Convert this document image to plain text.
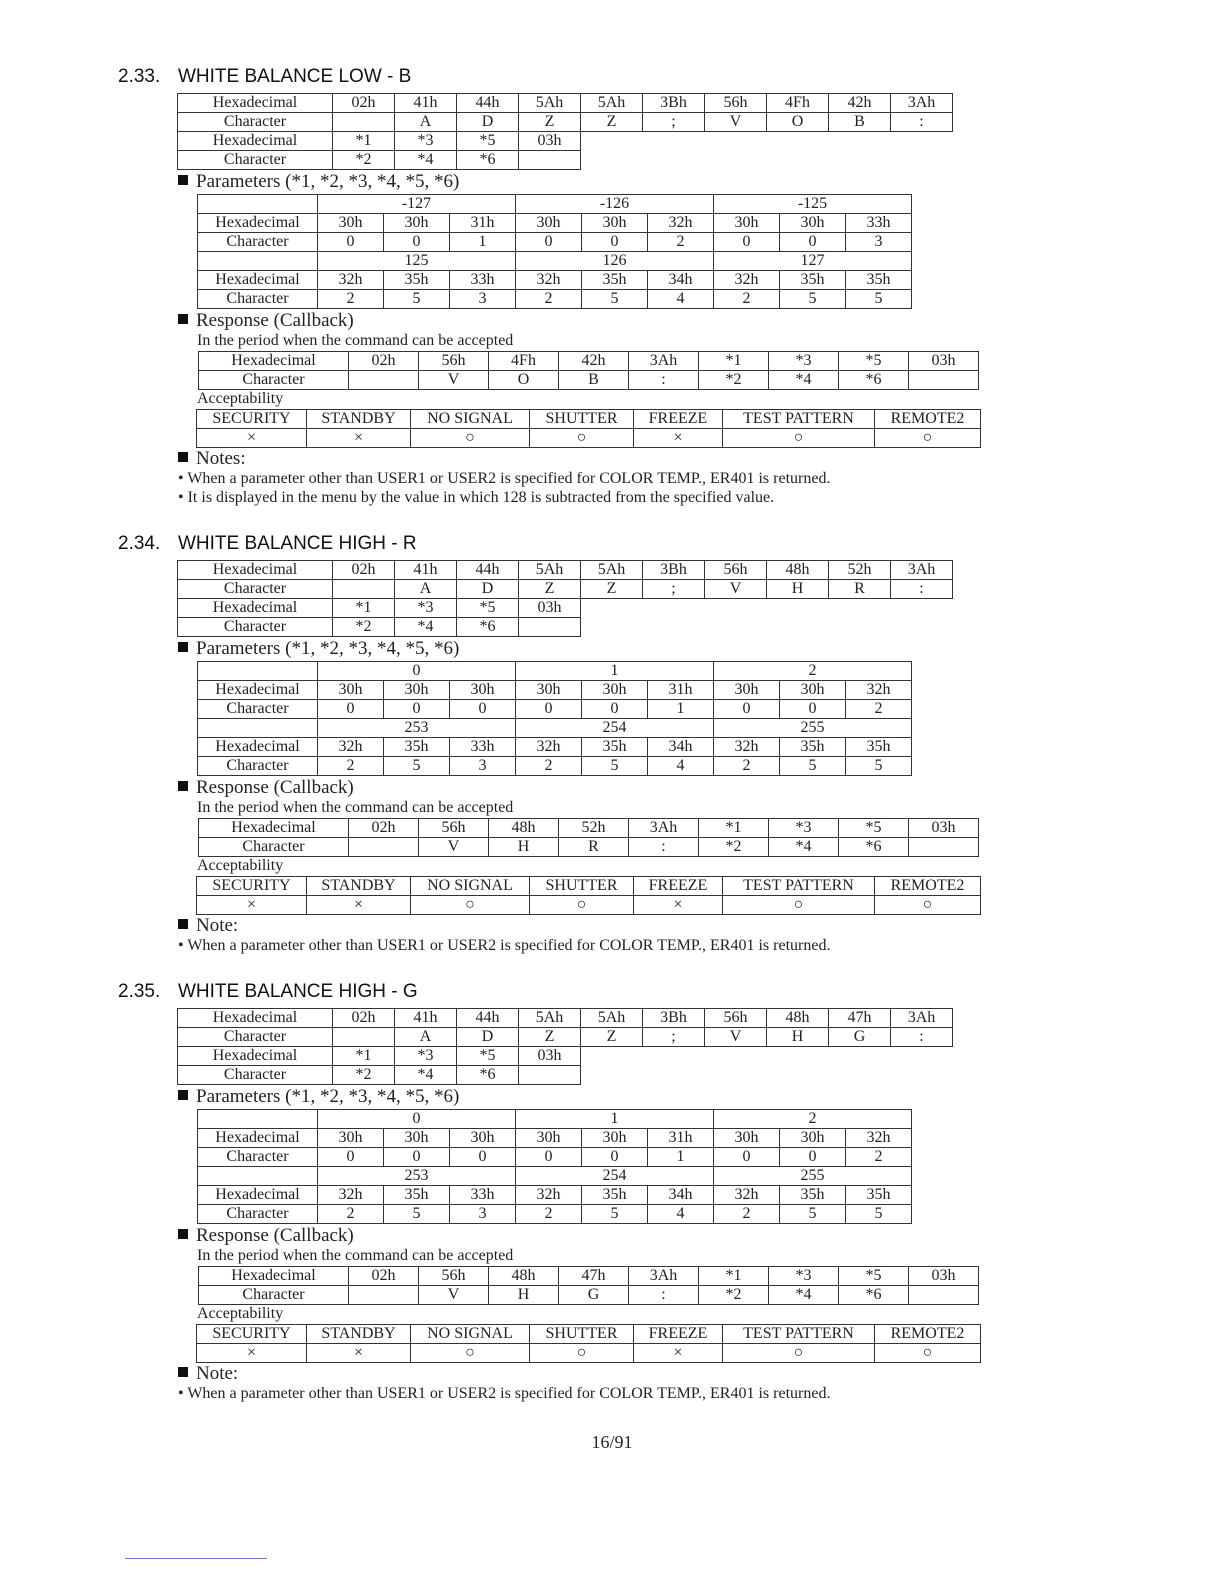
2.33. WHITE BALANCE LOW - B
Hexadecimal	02h	41h	44h	5Ah	5Ah	3Bh	56h	4Fh	42h	3Ah
Character		A	D	Z	Z	;	V	O	B	:
Hexadecimal	*1	*3	*5	03h						
Character	*2	*4	*6							
Parameters (*1, *2, *3, *4, *5, *6)
	-127			-126			-125		
Hexadecimal	30h	30h	31h	30h	30h	32h	30h	30h	33h
Character	0	0	1	0	0	2	0	0	3
	125			126			127		
Hexadecimal	32h	35h	33h	32h	35h	34h	32h	35h	35h
Character	2	5	3	2	5	4	2	5	5
Response (Callback)
In the period when the command can be accepted
Hexadecimal	02h	56h	4Fh	42h	3Ah	*1	*3	*5	03h
Character		V	O	B	:	*2	*4	*6	
Acceptability
SECURITY	STANDBY	NO SIGNAL	SHUTTER	FREEZE	TEST PATTERN	REMOTE2
×	×	○	○	×	○	○
Notes:
• When a parameter other than USER1 or USER2 is specified for COLOR TEMP., ER401 is returned.
• It is displayed in the menu by the value in which 128 is subtracted from the specified value.
2.34. WHITE BALANCE HIGH - R
Hexadecimal	02h	41h	44h	5Ah	5Ah	3Bh	56h	48h	52h	3Ah
Character		A	D	Z	Z	;	V	H	R	:
Hexadecimal	*1	*3	*5	03h						
Character	*2	*4	*6							
Parameters (*1, *2, *3, *4, *5, *6)
	0			1			2		
Hexadecimal	30h	30h	30h	30h	30h	31h	30h	30h	32h
Character	0	0	0	0	0	1	0	0	2
	253			254			255		
Hexadecimal	32h	35h	33h	32h	35h	34h	32h	35h	35h
Character	2	5	3	2	5	4	2	5	5
Response (Callback)
In the period when the command can be accepted
Hexadecimal	02h	56h	48h	52h	3Ah	*1	*3	*5	03h
Character		V	H	R	:	*2	*4	*6	
Acceptability
SECURITY	STANDBY	NO SIGNAL	SHUTTER	FREEZE	TEST PATTERN	REMOTE2
×	×	○	○	×	○	○
Note:
• When a parameter other than USER1 or USER2 is specified for COLOR TEMP., ER401 is returned.
2.35. WHITE BALANCE HIGH - G
Hexadecimal	02h	41h	44h	5Ah	5Ah	3Bh	56h	48h	47h	3Ah
Character		A	D	Z	Z	;	V	H	G	:
Hexadecimal	*1	*3	*5	03h						
Character	*2	*4	*6							
Parameters (*1, *2, *3, *4, *5, *6)
	0			1			2		
Hexadecimal	30h	30h	30h	30h	30h	31h	30h	30h	32h
Character	0	0	0	0	0	1	0	0	2
	253			254			255		
Hexadecimal	32h	35h	33h	32h	35h	34h	32h	35h	35h
Character	2	5	3	2	5	4	2	5	5
Response (Callback)
In the period when the command can be accepted
Hexadecimal	02h	56h	48h	47h	3Ah	*1	*3	*5	03h
Character		V	H	G	:	*2	*4	*6	
Acceptability
SECURITY	STANDBY	NO SIGNAL	SHUTTER	FREEZE	TEST PATTERN	REMOTE2
×	×	○	○	×	○	○
Note:
• When a parameter other than USER1 or USER2 is specified for COLOR TEMP., ER401 is returned.
16/91
